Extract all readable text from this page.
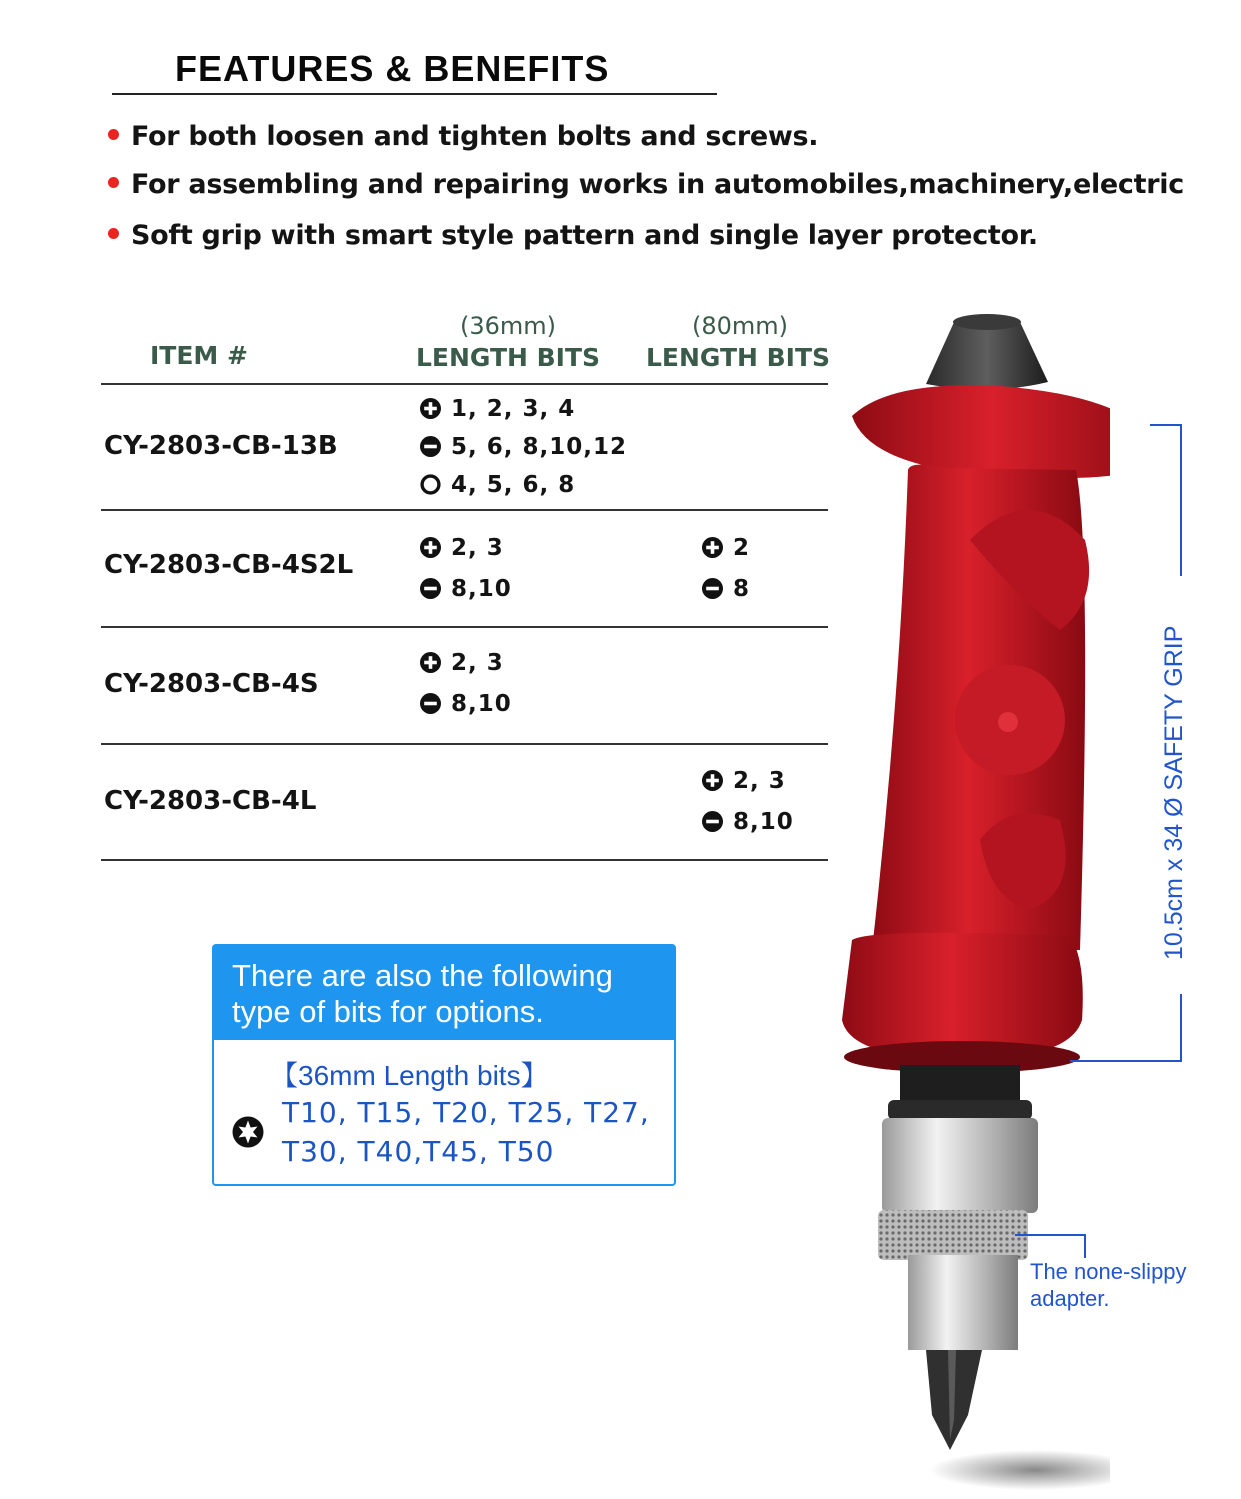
FEATURES & BENEFITS
For both loosen and tighten bolts and screws.
For assembling and repairing works in automobiles,machinery,electric
Soft grip with smart style pattern and single layer protector.
ITEM #
(36mm)
LENGTH BITS
(80mm)
LENGTH BITS
CY-2803-CB-13B
1, 2, 3, 4
5, 6, 8,10,12
4, 5, 6, 8
CY-2803-CB-4S2L
2, 3
8,10
2
8
CY-2803-CB-4S
2, 3
8,10
CY-2803-CB-4L
2, 3
8,10
There are also the following type of bits for options.
【36mm Length bits】
T10, T15, T20, T25, T27,
T30, T40,T45, T50
10.5cm x 34 Ø SAFETY GRIP
The none-slippy
adapter.
